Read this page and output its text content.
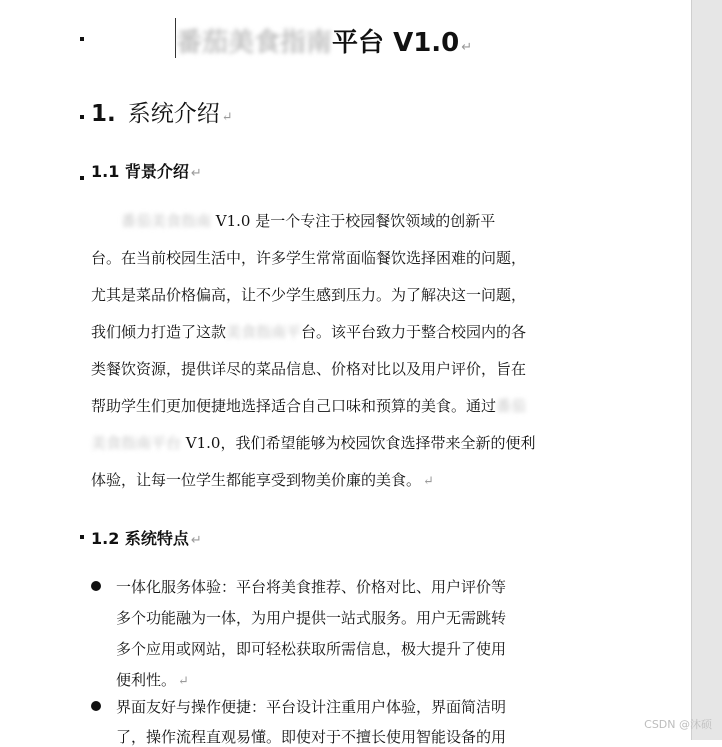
番茄美食指南平台 V1.0 ↵
1. 系统介绍 ↵
1.1 背景介绍 ↵
番茄美食指南 V1.0 是一个专注于校园餐饮领域的创新平
台。在当前校园生活中，许多学生常常面临餐饮选择困难的问题，
尤其是菜品价格偏高，让不少学生感到压力。为了解决这一问题，
我们倾力打造了这款美食指南平台。该平台致力于整合校园内的各
类餐饮资源，提供详尽的菜品信息、价格对比以及用户评价，旨在
帮助学生们更加便捷地选择适合自己口味和预算的美食。通过番茄
美食指南平台 V1.0，我们希望能够为校园饮食选择带来全新的便利
体验，让每一位学生都能享受到物美价廉的美食。 ↵
1.2 系统特点 ↵
一体化服务体验：平台将美食推荐、价格对比、用户评价等
多个功能融为一体，为用户提供一站式服务。用户无需跳转
多个应用或网站，即可轻松获取所需信息，极大提升了使用
便利性。 ↵
界面友好与操作便捷：平台设计注重用户体验，界面简洁明
了，操作流程直观易懂。即使对于不擅长使用智能设备的用
CSDN @沐硕
